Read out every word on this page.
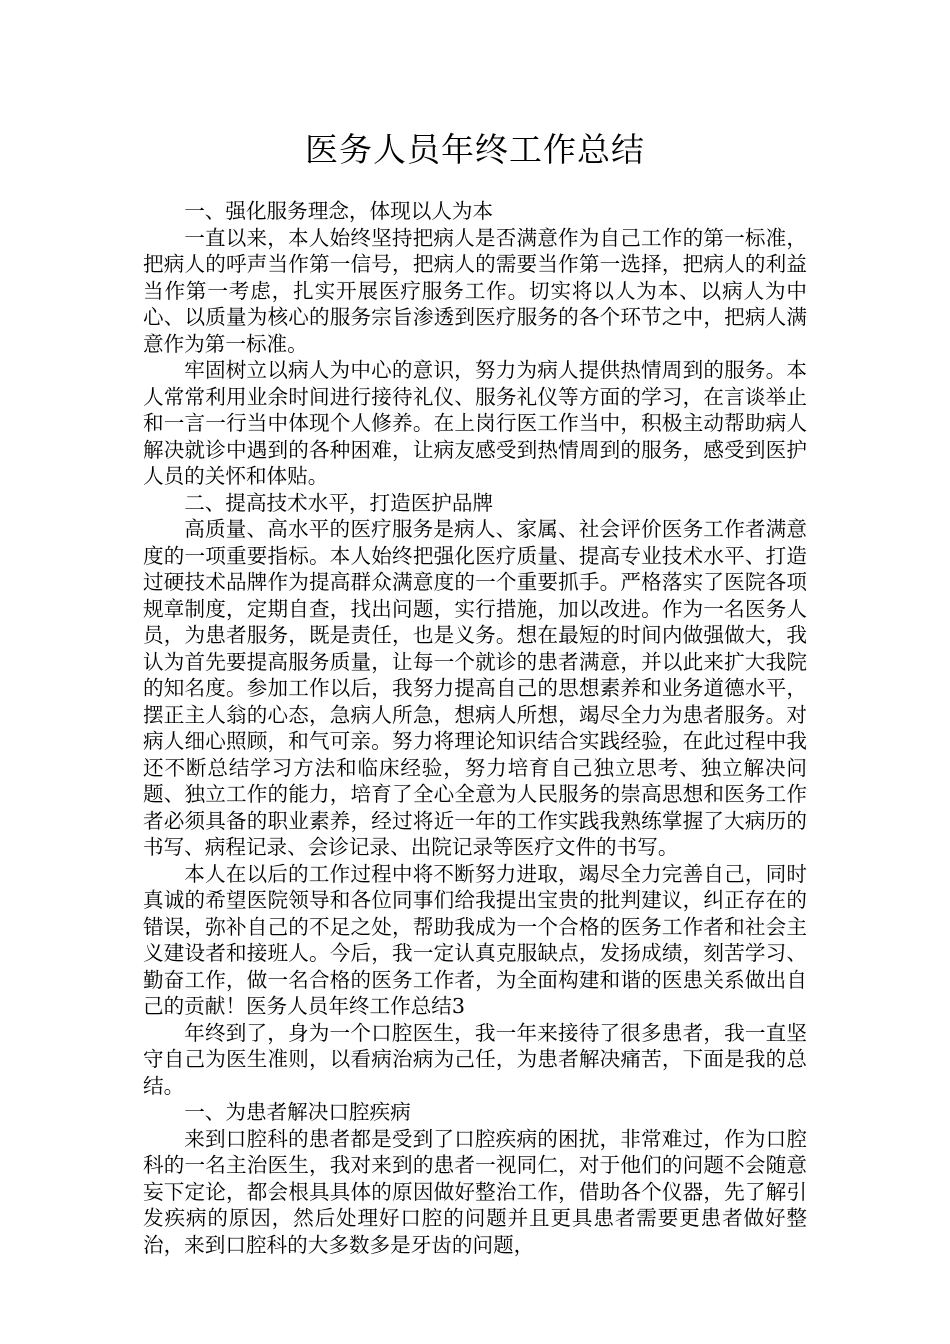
医务人员年终工作总结

一、强化服务理念，体现以人为本

一直以来，本人始终坚持把病人是否满意作为自己工作的第一标准，把病人的呼声当作第一信号，把病人的需要当作第一选择，把病人的利益当作第一考虑，扎实开展医疗服务工作。切实将以人为本、以病人为中心、以质量为核心的服务宗旨渗透到医疗服务的各个环节之中，把病人满意作为第一标准。

牢固树立以病人为中心的意识，努力为病人提供热情周到的服务。本人常常利用业余时间进行接待礼仪、服务礼仪等方面的学习，在言谈举止和一言一行当中体现个人修养。在上岗行医工作当中，积极主动帮助病人解决就诊中遇到的各种困难，让病友感受到热情周到的服务，感受到医护人员的关怀和体贴。

二、提高技术水平，打造医护品牌

高质量、高水平的医疗服务是病人、家属、社会评价医务工作者满意度的一项重要指标。本人始终把强化医疗质量、提高专业技术水平、打造过硬技术品牌作为提高群众满意度的一个重要抓手。严格落实了医院各项规章制度，定期自查，找出问题，实行措施，加以改进。作为一名医务人员，为患者服务，既是责任，也是义务。想在最短的时间内做强做大，我认为首先要提高服务质量，让每一个就诊的患者满意，并以此来扩大我院的知名度。参加工作以后，我努力提高自己的思想素养和业务道德水平，摆正主人翁的心态，急病人所急，想病人所想，竭尽全力为患者服务。对病人细心照顾，和气可亲。努力将理论知识结合实践经验，在此过程中我还不断总结学习方法和临床经验，努力培育自己独立思考、独立解决问题、独立工作的能力，培育了全心全意为人民服务的崇高思想和医务工作者必须具备的职业素养，经过将近一年的工作实践我熟练掌握了大病历的书写、病程记录、会诊记录、出院记录等医疗文件的书写。

本人在以后的工作过程中将不断努力进取，竭尽全力完善自己，同时真诚的希望医院领导和各位同事们给我提出宝贵的批判建议，纠正存在的错误，弥补自己的不足之处，帮助我成为一个合格的医务工作者和社会主义建设者和接班人。今后，我一定认真克服缺点，发扬成绩，刻苦学习、勤奋工作，做一名合格的医务工作者，为全面构建和谐的医患关系做出自己的贡献！医务人员年终工作总结3

年终到了，身为一个口腔医生，我一年来接待了很多患者，我一直坚守自己为医生准则，以看病治病为己任，为患者解决痛苦，下面是我的总结。

一、为患者解决口腔疾病

来到口腔科的患者都是受到了口腔疾病的困扰，非常难过，作为口腔科的一名主治医生，我对来到的患者一视同仁，对于他们的问题不会随意妄下定论，都会根具具体的原因做好整治工作，借助各个仪器，先了解引发疾病的原因，然后处理好口腔的问题并且更具患者需要更患者做好整治，来到口腔科的大多数多是牙齿的问题，
